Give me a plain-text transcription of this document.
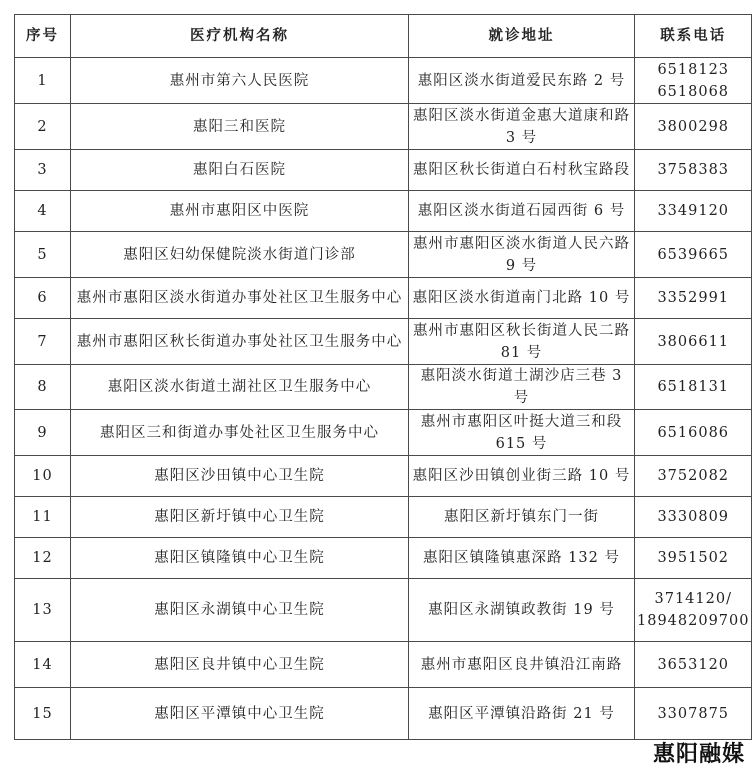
序号	医疗机构名称	就诊地址	联系电话
1	惠州市第六人民医院	惠阳区淡水街道爱民东路 2 号	6518123
6518068

2	惠阳三和医院	惠阳区淡水街道金惠大道康和路
3 号	3800298

3	惠阳白石医院	惠阳区秋长街道白石村秋宝路段	3758383

4	惠州市惠阳区中医院	惠阳区淡水街道石园西街 6 号	3349120

5	惠阳区妇幼保健院淡水街道门诊部	惠州市惠阳区淡水街道人民六路
9 号	6539665

6	惠州市惠阳区淡水街道办事处社区卫生服务中心	惠阳区淡水街道南门北路 10 号	3352991

7	惠州市惠阳区秋长街道办事处社区卫生服务中心	惠州市惠阳区秋长街道人民二路
81 号	3806611

8	惠阳区淡水街道土湖社区卫生服务中心	惠阳淡水街道土湖沙店三巷 3 号	6518131

9	惠阳区三和街道办事处社区卫生服务中心	惠州市惠阳区叶挺大道三和段
615 号	6516086

10	惠阳区沙田镇中心卫生院	惠阳区沙田镇创业街三路 10 号	3752082

11	惠阳区新圩镇中心卫生院	惠阳区新圩镇东门一街	3330809

12	惠阳区镇隆镇中心卫生院	惠阳区镇隆镇惠深路 132 号	3951502

13	惠阳区永湖镇中心卫生院	惠阳区永湖镇政教街 19 号	3714120/
18948209700

14	惠阳区良井镇中心卫生院	惠州市惠阳区良井镇沿江南路	3653120

15	惠阳区平潭镇中心卫生院	惠阳区平潭镇沿路街 21 号	3307875
惠阳融媒
